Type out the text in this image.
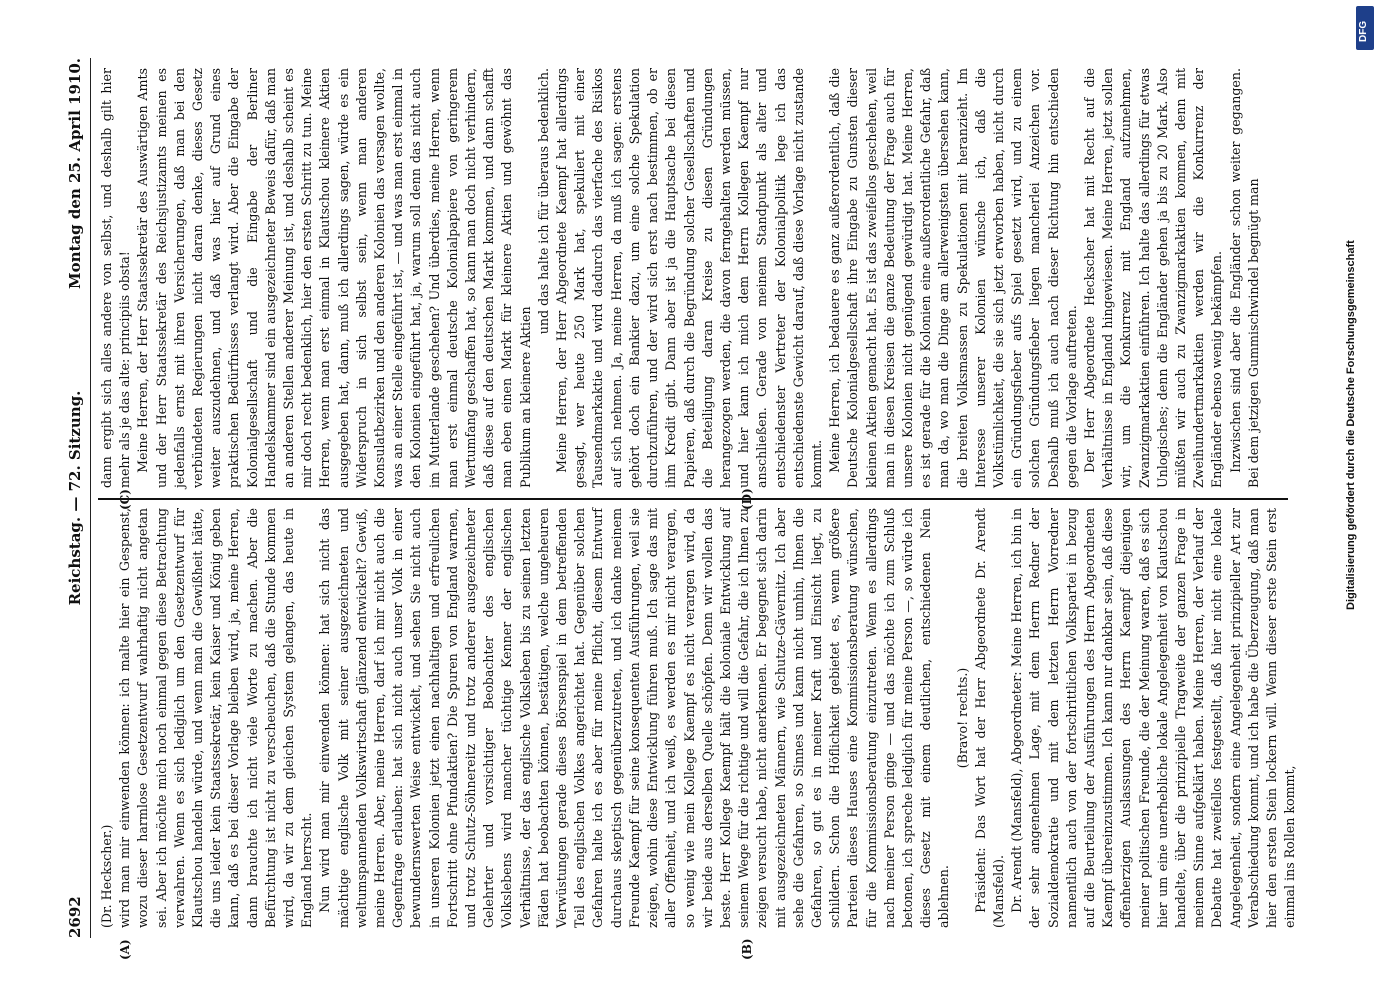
2692
Reichstag. — 72. Sitzung.
Montag den 25. April 1910.
(A)	(B)

(Dr. Heckscher.) wird man mir einwenden können: ich malte hier ein Gespenst, wozu dieser harmlose Gesetzentwurf wahrhaftig nicht angetan sei. Aber ich möchte mich noch einmal gegen diese Betrachtung verwahren. Wenn es sich lediglich um den Gesetzentwurf für Klautschou handeln würde, und wenn man die Gewißheit hätte, die uns leider kein Staatssekretär, kein Kaiser und König geben kann, daß es bei dieser Vorlage bleiben wird, ja, meine Herren, dann brauchte ich nicht viele Worte zu machen. Aber die Befürchtung ist nicht zu verscheuchen, daß die Stunde kommen wird, da wir zu dem gleichen System gelangen, das heute in England herrscht. Nun wird man mir einwenden können: hat sich nicht das mächtige englische Volk mit seiner ausgezeichneten und weltumspannenden Volkswirtschaft glänzend entwickelt? Gewiß, meine Herren. Aber, meine Herren, darf ich mir nicht auch die Gegenfrage erlauben: hat sich nicht auch unser Volk in einer bewundernswerten Weise entwickelt, und sehen Sie nicht auch in unseren Kolonien jetzt einen nachhaltigen und erfreulichen Fortschritt ohne Pfundaktien? Die Spuren von England warnen, und trotz Schutz-Söhnereitz und trotz anderer ausgezeichneter Gelehrter und vorsichtiger Beobachter des englischen Volkslebens wird mancher tüchtige Kenner der englischen Verhältnisse, der das englische Volksleben bis zu seinen letzten Fäden hat beobachten können, bestätigen, welche ungeheuren Verwüstungen gerade dieses Börsenspiel in dem betreffenden Teil des englischen Volkes angerichtet hat. Gegenüber solchen Gefahren halte ich es aber für meine Pflicht, diesem Entwurf durchaus skeptisch gegenüberzutreten, und ich danke meinem Freunde Kaempf für seine konsequenten Ausführungen, weil sie zeigen, wohin diese Entwicklung führen muß. Ich sage das mit aller Offenheit, und ich weiß, es werden es mir nicht verargen, so wenig wie mein Kollege Kaempf es nicht verargen wird, da wir beide aus derselben Quelle schöpfen. Denn wir wollen das beste. Herr Kollege Kaempf hält die koloniale Entwicklung auf seinem Wege für die richtige und will die Gefahr, die ich Ihnen zu zeigen versucht habe, nicht anerkennen. Er begegnet sich darin mit ausgezeichneten Männern, wie Schutze-Gävernitz. Ich aber sehe die Gefahren, so Sinnes und kann nicht umhin, Ihnen die Gefahren, so gut es in meiner Kraft und Einsicht liegt, zu schildern. Schon die Höflichkeit gebietet es, wenn größere Parteien dieses Hauses eine Kommissionsberatung wünschen, für die Kommissionsberatung einzutreten. Wenn es allerdings nach meiner Person ginge — und das möchte ich zum Schluß betonen, ich spreche lediglich für meine Person —, so würde ich dieses Gesetz mit einem deutlichen, entschiedenen Nein ablehnen.

(Bravo! rechts.) Präsident: Das Wort hat der Herr Abgeordnete Dr. Arendt (Mansfeld). Dr. Arendt (Mansfeld), Abgeordneter: Meine Herren, ich bin in der sehr angenehmen Lage, mit dem Herrn Redner der Sozialdemokratie und mit dem letzten Herrn Vorredner namentlich auch von der fortschrittlichen Volkspartei in bezug auf die Beurteilung der Ausführungen des Herrn Abgeordneten Kaempf übereinzustimmen. Ich kann nur dankbar sein, daß diese offenherzigen Auslassungen des Herrn Kaempf diejenigen meiner politischen Freunde, die der Meinung waren, daß es sich hier um eine unerhebliche lokale Angelegenheit von Klautschou handelte, über die prinzipielle Tragweite der ganzen Frage in meinem Sinne aufgeklärt haben. Meine Herren, der Verlauf der Debatte hat zweifellos festgestellt, daß hier nicht eine lokale Angelegenheit, sondern eine Angelegenheit prinzipieller Art zur Verabschiedung kommt, und ich habe die Überzeugung, daß man hier den ersten Stein lockern will. Wenn dieser erste Stein erst einmal ins Rollen kommt,

(C)	(D)

dann ergibt sich alles andere von selbst, und deshalb gilt hier mehr als je das alte: principiis obsta! Meine Herren, der Herr Staatssekretär des Auswärtigen Amts und der Herr Staatssekretär des Reichsjustizamts meinen es jedenfalls ernst mit ihren Versicherungen, daß man bei den verbündeten Regierungen nicht daran denke, dieses Gesetz weiter auszudehnen, und daß was hier auf Grund eines praktischen Bedürfnisses verlangt wird. Aber die Eingabe der Kolonialgesellschaft und die Eingabe der Berliner Handelskammer sind ein ausgezeichneter Beweis dafür, daß man an anderen Stellen anderer Meinung ist, und deshalb scheint es mir doch recht bedenklich, hier den ersten Schritt zu tun. Meine Herren, wenn man erst einmal in Klautschou kleinere Aktien ausgegeben hat, dann, muß ich allerdings sagen, würde es ein Widerspruch in sich selbst sein, wenn man anderen Konsulatbezirken und den anderen Kolonien das versagen wollte, was an einer Stelle eingeführt ist, — und was man erst einmal in den Kolonien eingeführt hat, ja, warum soll denn das nicht auch im Mutterlande geschehen? Und überdies, meine Herren, wenn man erst einmal deutsche Kolonialpapiere von geringerem Wertumfang geschaffen hat, so kann man doch nicht verhindern, daß diese auf den deutschen Markt kommen, und dann schafft man eben einen Markt für kleinere Aktien und gewöhnt das Publikum an kleinere Aktien

und das halte ich für überaus bedenklich. Meine Herren, der Herr Abgeordnete Kaempf hat allerdings gesagt, wer heute 250 Mark hat, spekuliert mit einer Tausendmarkaktie und wird dadurch das vierfache des Risikos auf sich nehmen. Ja, meine Herren, da muß ich sagen: erstens gehört doch ein Bankier dazu, um eine solche Spekulation durchzuführen, und der wird sich erst nach bestimmen, ob er ihm Kredit gibt. Dann aber ist ja die Hauptsache bei diesen Papieren, daß durch die Begründung solcher Gesellschaften und die Beteiligung daran Kreise zu diesen Gründungen herangezogen werden, die davon ferngehalten werden müssen, und hier kann ich mich dem Herrn Kollegen Kaempf nur anschließen. Gerade von meinem Standpunkt als alter und entschiedenster Vertreter der Kolonialpolitik lege ich das entschiedenste Gewicht darauf, daß diese Vorlage nicht zustande kommt. Meine Herren, ich bedauere es ganz außerordentlich, daß die Deutsche Kolonialgesellschaft ihre Eingabe zu Gunsten dieser kleinen Aktien gemacht hat. Es ist das zweifellos geschehen, weil man in diesen Kreisen die ganze Bedeutung der Frage auch für unsere Kolonien nicht genügend gewürdigt hat. Meine Herren, es ist gerade für die Kolonien eine außerordentliche Gefahr, daß man da, wo man die Dinge am allerwenigsten übersehen kann, die breiten Volksmassen zu Spekulationen mit heranzieht. Im Interesse unserer Kolonien wünsche ich, daß die Volkstümlichkeit, die sie sich jetzt erworben haben, nicht durch ein Gründungsfieber aufs Spiel gesetzt wird, und zu einem solchen Gründungsfieber liegen mancherlei Anzeichen vor. Deshalb muß ich auch nach dieser Richtung hin entschieden gegen die Vorlage auftreten. Der Herr Abgeordnete Heckscher hat mit Recht auf die Verhältnisse in England hingewiesen. Meine Herren, jetzt sollen wir, um die Konkurrenz mit England aufzunehmen, Zwanzigmarkaktien einführen. Ich halte das allerdings für etwas Unlogisches; denn die Engländer gehen ja bis zu 20 Mark. Also müßten wir auch zu Zwanzigmarkaktien kommen, denn mit Zweihundertmarkaktien werden wir die Konkurrenz der Engländer ebenso wenig bekämpfen. Inzwischen sind aber die Engländer schon weiter gegangen. Bei dem jetzigen Gummischwindel begnügt man

DFG
Digitalisierung gefördert durch die Deutsche Forschungsgemeinschaft
